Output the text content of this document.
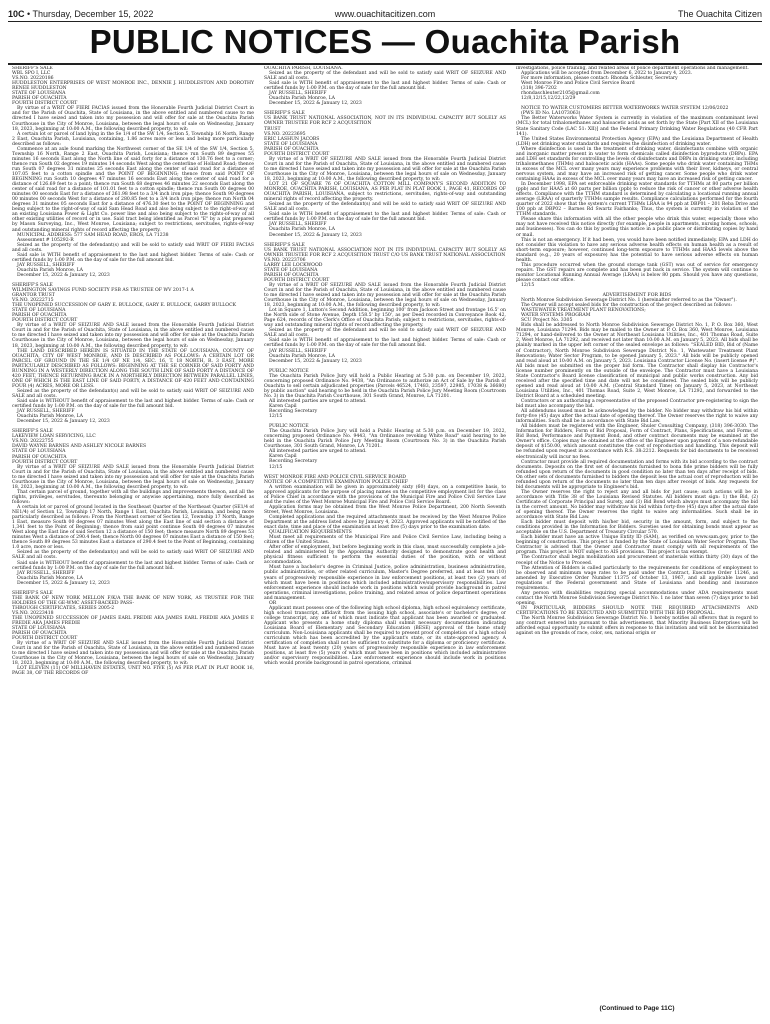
10C • Thursday, December 15, 2022	www.ouachitacitizen.com	The Ouachita Citizen
PUBLIC NOTICES — Ouachita Parish

SHERIFF'S SALE

WBL SPO I, LLC

VS.NO. 20220186

HUDDLESTON ENTERPRISES OF WEST MONROE INC., DENNIE J. HUDDLESTON AND DOROTHY RENEE HUDDLESTON

STATE OF LOUISIANA

PARISH OF OUACHITA

FOURTH DISTRICT COURT

By virtue of a WRIT OF FIERI FACIAS issued from the Honorable Fourth Judicial District Court in and for the Parish of Ouachita, State of Louisiana, in the above entitled and numbered cause to me directed I have seized and taken into my possession and will offer for sale at the Ouachita Parish Courthouse in the City of Monroe, Louisiana, between the legal hours of sale on Wednesday, January 18, 2023, beginning at 10:00 A.M., the following described property, to wit:

A certain lot or parcel of land lying in the Se 1/4 of the SW 1/4, Section 5, Township 16 North, Range 2 East, Ouachita Parish, Louisiana, containing, 1.86 acres more or less and being more particularly described as follows:

Commence at an axle found marking the Northwest corner of the SE 1/4 of the SW 1/4, Section 5, Township 16 North, Range 2 East, Ouachita Parish, Louisiana; thence run South 89 degrees 55 minutes 16 seconds East along the North line of said forty for a distance of 130.76 feet to a corner; thence run South 02 degrees 19 minutes 14 seconds West along the centerline of Holland Road; thence run South 07 degrees 31 minutes 25 seconds East along the center of said road for a distance of 107.05 feet to a cotton spindle and the POINT OF BEGINNING; thence from said POINT OF BEGINNING run South 10 degrees 47 minutes 16 seconds East along the center of said road for a distance of 126.69 feet to a point; thence run South 68 degrees 46 minutes 22 seconds East along the center of said road for a distance of 101.01 feet to a cotton spindle; thence run South 00 degrees 00 minutes 00 seconds East for a distance of 261.98 feet to a 3/4 inch iron pipe; thence South 90 degrees 00 minutes 00 seconds West for a distance of 280.85 feet to a 3/4 inch iron pipe; thence run North 04 degrees 31 minutes 05 seconds East for a distance of 476.30 feet to the POINT OF BEGINNING and being subject to the right-of-way of said Sam Head Road and also being subject to the right-of-way of an existing Louisiana Power & Light Co. power line and also being subject to the rights-of-way of all other existing utilities of record or in use. Said tract being identified as Parcel "E" by a plat prepared by Mason Surveying, Inc., West Monroe, Louisiana; subject to restrictions, servitudes, rights-of-way and outstanding mineral rights of record affecting the property.

MUNICIPAL ADDRESS: 577 SAM HEAD ROAD, EROS, LA 71238

Assessment # 105292-R

Seized as the property of the defendant(s) and will be sold to satisfy said WRIT OF FIERI FACIAS and all costs.

Said sale is WITH benefit of appraisement to the last and highest bidder. Terms of sale: Cash or certified funds by 1:00 P.M. on the day of sale for the full amount bid.

JAY RUSSELL, SHERIFF

Ouachita Parish Monroe, LA

December 15, 2022 & January 12, 2023

SHERIFF'S SALE

WILMINGTON SAVINGS FUND SOCIETY FSB AS TRUSTEE OF WV 2017-1 A

GRANTOR TRUST

VS.NO. 20222715

THE UNOPENED SUCCESSION OF GARY E. BULLOCK, GARY E. BULLOCK, GARRY BULLOCK

STATE OF LOUISIANA

PARISH OF OUACHITA

FOURTH DISTRICT COURT

By virtue of a WRIT OF SEIZURE AND SALE issued from the Honorable Fourth Judicial District Court in and for the Parish of Ouachita, State of Louisiana, in the above entitled and numbered cause to me directed I have seized and taken into my possession and will offer for sale at the Ouachita Parish Courthouse in the City of Monroe, Louisiana, between the legal hours of sale on Wednesday, January 18, 2023, beginning at 10:00 A.M., the following described property, to wit:

THE LAND DESCRIBED HEREIN IS SITUATED IN THE STATE OF LOUISIANA, COUNTY OF OUACHITA, CITY OF WEST MONROE, AND IS DESCRIBED AS FOLLOWS: A CERTAIN LOT OR PARCEL OF GROUND IN THE SE 1/4 OF NE 1/4, SEC. 16, T. 18 NORTH, R. 3 EAST, MORE PARTICULARLY DESCRIBED AS FOLLOWS: BEGINNING AT THE SE CORNER OF SAID FORTY AND RUNNING IN A WESTERLY DIRECTION ALONG THE SOUTH LINE OF SAID FORTY A DISTANCE OF 420 FEET, THENCE RETURNING BACK IN A NORTHERLY DIRECTION BETWEEN PARALLEL LINES, ONE OF WHICH IS THE EAST LINE OF SAID FORTY, A DISTANCE OF 420 FEET AND CONTAINING FOUR (4) ACRES, MORE OR LESS.

Seized as the property of the defendant(s) and will be sold to satisfy said WRIT OF SEIZURE AND SALE and all costs.

Said sale is WITHOUT benefit of appraisement to the last and highest bidder. Terms of sale: Cash or certified funds by 1:00 P.M. on the day of sale for the full amount bid.

JAY RUSSELL, SHERIFF

Ouachita Parish Monroe, LA

December 15, 2022 & January 12, 2023

SHERIFF'S SALE

LAKEVIEW LOAN SERVICING, LLC

VS.NO. 20222755

DAVID WAYNE BARNES AND ASHLEY NICOLE BARNES

STATE OF LOUISIANA

PARISH OF OUACHITA

FOURTH DISTRICT COURT

By virtue of a WRIT OF SEIZURE AND SALE issued from the Honorable Fourth Judicial District Court in and for the Parish of Ouachita, State of Louisiana, in the above entitled and numbered cause to me directed I have seized and taken into my possession and will offer for sale at the Ouachita Parish Courthouse in the City of Monroe, Louisiana, between the legal hours of sale on Wednesday, January 18, 2023, beginning at 10:00 A.M., the following described property, to wit:

That certain parcel of ground, together with all the buildings and improvements thereon, and all the rights, privileges, servitudes, thereunto belonging or anywise appertaining, more fully described as follows:

A certain lot or parcel of ground located in the Southeast Quarter of the Northeast Quarter (SE1/4 of NE1/4) of Section 12, Township 17 North, Range 1 East, Ouachita Parish, Louisiana, and being more particularly described as follows: From the Northeast corner of Section 12, Township 17 North, Range 1 East, measure South 00 degrees 07 minutes West along the East line of said section a distance of 1,341 feet to the Point of Beginning; thence from said point continue South 00 degrees 07 minutes West along the East line of said Section 12 a distance of 150 feet; thence measure North 89 degrees 53 minutes West a distance of 290.4 feet; thence North 00 degrees 07 minutes East a distance of 150 feet; thence South 89 degrees 53 minutes East a distance of 290.4 feet to the Point of Beginning, containing 1.0 acre, more or less.

Seized as the property of the defendant(s) and will be sold to satisfy said WRIT OF SEIZURE AND SALE and all costs.

Said sale is WITHOUT benefit of appraisement to the last and highest bidder. Terms of sale: Cash or certified funds by 1:00 P.M. on the day of sale for the full amount bid.

JAY RUSSELL, SHERIFF

Ouachita Parish Monroe, LA

December 15, 2022 & January 12, 2023

SHERIFF'S SALE

THE BANK OF NEW YORK MELLON F/K/A THE BANK OF NEW YORK, AS TRUSTEE FOR THE HOLDERS OF THE GE-WMC ASSET-BACKED PASS-

THROUGH CERTIFICATES, SERIES 2005-2

VS.NO. 20223418

THE UNOPENED SUCCESSION OF JAMES EARL FREDIE AKA JAMES EARL FREDIE AKA JAMES E FREDIE AKA JAMES FREDIE

STATE OF LOUISIANA

PARISH OF OUACHITA

FOURTH DISTRICT COURT

By virtue of a WRIT OF SEIZURE AND SALE issued from the Honorable Fourth Judicial District Court in and for the Parish of Ouachita, State of Louisiana, in the above entitled and numbered cause to me directed I have seized and taken into my possession and will offer for sale at the Ouachita Parish Courthouse in the City of Monroe, Louisiana, between the legal hours of sale on Wednesday, January 18, 2023, beginning at 10:00 A.M., the following described property, to wit:

LOT ELEVEN (11) OF MILLHAVEN ESTATES, UNIT NO. FIVE (5) AS PER PLAT IN PLAT BOOK 16, PAGE 38, OF THE RECORDS OF

OUACHITA PARISH, LOUISIANA.

Seized as the property of the defendant and will be sold to satisfy said WRIT OF SEIZURE AND SALE and all costs.

Said sale is WITH benefit of appraisement to the last and highest bidder. Terms of sale: Cash or certified funds by 1:00 P.M. on the day of sale for the full amount bid.

JAY RUSSELL, SHERIFF

Ouachita Parish Monroe, LA

December 15, 2022 & January 12, 2023

SHERIFF'S SALE

US BANK TRUST NATIONAL ASSOCIATION, NOT IN ITS INDIVIDUAL CAPACITY BUT SOLELY AS OWNER TRUSTEE FOR RCF 2 ACQUISITION

TRUST

VS.NO. 20223695

ERIC LASHUN JACOBS

STATE OF LOUISIANA

PARISH OF OUACHITA

FOURTH DISTRICT COURT

By virtue of a WRIT OF SEIZURE AND SALE issued from the Honorable Fourth Judicial District Court in and for the Parish of Ouachita, State of Louisiana, in the above entitled and numbered cause to me directed I have seized and taken into my possession and will offer for sale at the Ouachita Parish Courthouse in the City of Monroe, Louisiana, between the legal hours of sale on Wednesday, January 18, 2023, beginning at 10:00 A.M., the following described property, to wit:

LOT 21 OF SQUARE 76 OF OUACHITA COTTON MILL COMPANY'S SECOND ADDITION TO MONROE, OUACHITA PARISH, LOUISIANA, AS PER PLAT IN PLAT BOOK 1, PAGE 41, RECORDS OF OUACHITA PARISH, LOUISIANA, subject to restrictions, servitudes, rights-of-way and outstanding mineral rights of record affecting the property.

Seized as the property of the defendant(s) and will be sold to satisfy said WRIT OF SEIZURE AND SALE and all costs.

Said sale is WITH benefit of appraisement to the last and highest bidder. Terms of sale: Cash or certified funds by 1:00 P.M. on the day of sale for the full amount bid.

JAY RUSSELL, SHERIFF

Ouachita Parish Monroe, LA

December 15, 2022 & January 12, 2023

SHERIFF'S SALE

US BANK TRUST NATIONAL ASSOCIATION NOT IN ITS INDIVIDUAL CAPACITY BUT SOLELY AS OWNER TRUSTEE FOR RCF 2 ACQUISITION TRUST C/O US BANK TRUST NATIONAL ASSOCIATION

VS.NO. 20223706

LARRY LEE LOCKWOOD

STATE OF LOUISIANA

PARISH OF OUACHITA

FOURTH DISTRICT COURT

By virtue of a WRIT OF SEIZURE AND SALE issued from the Honorable Fourth Judicial District Court in and for the Parish of Ouachita, State of Louisiana, in the above entitled and numbered cause to me directed I have seized and taken into my possession and will offer for sale at the Ouachita Parish Courthouse in the City of Monroe, Louisiana, between the legal hours of sale on Wednesday, January 18, 2023, beginning at 10:00 A.M., the following described property, to wit:

Lot in Square 1, Lutton's Second Addition, beginning 100' from Jackson Street and frontage 16.5' on the North side of Stone Avenue, Depth 158.5' by 150', as per Deed recorded in Conveyance Book 42, Page 624, records of the Clerk's Office of Ouachita Parish; subject to restrictions, servitudes, rights-of-way and outstanding mineral rights of record affecting the property.

Seized as the property of the defendant and will be sold to satisfy said WRIT OF SEIZURE AND SALE and all costs.

Said sale is WITH benefit of appraisement to the last and highest bidder. Terms of sale: Cash or certified funds by 1:00 P.M. on the day of sale for the full amount bid.

JAY RUSSELL, SHERIFF

Ouachita Parish Monroe, LA

December 15, 2022 & January 12, 2023

PUBLIC NOTICE

The Ouachita Parish Police Jury will hold a Public Hearing at 5:30 p.m. on December 19, 2022, concerning proposed Ordinance No. 9438, "An Ordinance to authorize an Act of Sale by the Parish of Ouachita to sell certain adjudicated properties (Parcels 46524, 17483, 23597, 22985, 17038 & 36680) by public auction" said hearing to be held in the Ouachita Parish Police Jury Meeting Room (Courtroom No. 3) in the Ouachita Parish Courthouse, 301 South Grand, Monroe, LA 71201.

All interested parties are urged to attend.

Karen Capil

Recording Secretary

12/15

PUBLIC NOTICE

The Ouachita Parish Police Jury will hold a Public Hearing at 5:30 p.m. on December 19, 2022, concerning proposed Ordinance No. 9443, "An Ordinance revoking White Road" said hearing to be held in the Ouachita Parish Police Jury Meeting Room (Courtroom No. 3) in the Ouachita Parish Courthouse, 301 South Grand, Monroe, LA 71201.

All interested parties are urged to attend.

Karen Capil

Recording Secretary

12/15

WEST MONROE FIRE AND POLICE CIVIL SERVICE BOARD

NOTICE OF A COMPETITIVE EXAMINATION POLICE CHIEF

A written examination will be given in approximately sixty (60) days, on a competitive basis, to approved applicants for the purpose of placing names on the competitive employment list for the class of Police Chief in accordance with the provisions of the Municipal Fire and Police Civil Service Law and the rules of the West Monroe Municipal Fire and Police Civil Service Board.

Application forms may be obtained from the West Monroe Police Department, 200 North Seventh Street, West Monroe, Louisiana.

Completed applications and the required attachments must be received by the West Monroe Police Department at the address listed above by January 4, 2023. Approved applicants will be notified of the exact date, time and place of the examination at least five (5) days prior to the examination date.

QUALIFICATION REQUIREMENTS

Must meet all requirements of the Municipal Fire and Police Civil Service Law, including being a citizen of the United States.

After offer of employment, but before beginning work in this class, must successfully complete a job-related and administered by the Appointing Authority designed to demonstrate good health and physical fitness sufficient to perform the essential duties of the position, with or without accommodation.

Must have a bachelor's degree in Criminal Justice, police administration, business administration, public administration, or other related curriculum, Master's Degree preferred, and at least ten (10) years of progressively responsible experience in law enforcement positions, at least two (2) years of which must have been in positions which included administrative/supervisory responsibilities. Law enforcement experience should include work in positions which would provide background in patrol operations, criminal investigations, police training, and related areas of police department operations and management.

OR

Applicant must possess one of the following high school diploma, high school equivalency certificate, high school transcript, affidavit from the issuing high school, associate's or bachelor's degree, or college transcript, any one of which must indicate that applicant has been awarded or graduated. Applicant who presents a home study diploma shall submit necessary documentation indicating Louisiana Board of Elementary and Secondary Education (BESE) approval of the home study curriculum. Non-Louisiana applicants shall be required to present proof of completion of a high school curriculum which has been accredited by the applicant's state, or its state-approved agency. A certification of completion shall not be sufficient to substitute for a diploma or proficiency certificate. Must have at least twenty (20) years of progressively responsible experience in law enforcement positions, at least five (5) years of which must have been in positions which included administrative and/or supervisory responsibilities. Law enforcement experience should include work in positions which would provide background in patrol operations, criminal

investigations, police training, and related areas of police department operations and management.

Applications will be accepted from December 6, 2022 to January 4, 2023.

For more information, please contact: Rhonda Schleuter, Secretary

West Monroe Fire and Police Civil Service Board

(318) 396-7202

rhondaschleuter2105@gmail.com

12/8,12/15,12/22,12/29

NOTICE TO WATER CUSTOMERS BETTER WATERWORKS WATER SYSTEM 12/06/2022

(PWS ID No. LA1073063)

The Better Waterworks Water System is currently in violation of the maximum contaminant level (MCL) for total trihalomethanes and haloacetic acids as set forth by the State [Part XII of the Louisiana State Sanitary Code (LAC 51: XII)] and the Federal Primary Drinking Water Regulations (40 CFR Part 141).

The United States Environmental Protection Agency (EPA) and the Louisiana Department of Health (LDH) set drinking water standards and requires the disinfection of drinking water.

Where disinfection is used in the treatment of drinking water, disinfectants combine with organic and inorganic matter present in water to form chemicals called disinfection byproducts (DBPs). EPA and LDH set standards for controlling the levels of disinfectants and DBPs in drinking water, including trihalomethanes (THMs) and haloacetic acids (HAAs). Some people who drink water containing THMs in excess of the MCL over many years may experience problems with their liver, kidneys, or central nervous system, and may have an increased risk of getting cancer. Some people who drink water containing HAAs in excess of the MCL over many years may have an increased risk of getting cancer.

In December 1998, EPA set enforceable drinking water standards for TTHMs at 80 parts per billion (ppb) and for HAA5 at 60 parts per billion (ppb) to reduce the risk of cancer or other adverse health effects. Compliance with the TTHM standard is determined by calculating a locational running annual average (LRAA) of quarterly TTHMs sample results. Compliance calculations performed for the fourth quarter of 2022 show that the system's current TTHMs LRAA is 94 ppb at DBP01 – 201 Reba Drive and 100 ppb at DBP02 – Barnes Rd Swartz Fairbanks; Thus, the system is currently in violation of the TTHM standards.

Please share this information with all the other people who drink this water, especially those who may not have received this notice directly (for example, people in apartments, nursing homes, schools, and businesses). You can do this by posting this notice in a public place or distributing copies by hand or mail.

This is not an emergency. If it had been, you would have been notified immediately. EPA and LDH do not consider this violation to have any serious adverse health effects on human health as a result of short-term exposure; however, continued long-term exposure to TTHMs and HAA5 levels above the standard (e.g., 20 years of exposure) has the potential to have serious adverse effects on human health.

This procedure occurred when the ground storage tank (GST) was out of service for emergency repairs. The GST repairs are complete and has been put back in service. The system will continue to monitor Locational Running Annual Average (LRAA) is below 80 ppm. Should you have any questions, please contact our office.

12/15

ADVERTISEMENT FOR BIDS

North Monroe Subdivision Sewerage District No. 1 (hereinafter referred to as the "Owner").

The Owner will accept sealed bids for the construction of the project described as follows:

WASTEWATER TREATMENT PLANT RENOVATIONS;

WATER SYSTEMS PROGRAM

SCU Project No. 3305

Bids shall be addressed to North Monroe Subdivision Sewerage District No. 1, P. O. Box 360, West Monroe, Louisiana 71294. Bids may be mailed to the Owner at P. O. Box 360, West Monroe, Louisiana 71294, or hand-delivered to the Owner at Northeast Louisiana Utilities, Inc., 401 Thomas Road, Suite 2, West Monroe, LA 71292, and received not later than 10:00 A.M. on January 5, 2023. All bids shall be plainly marked in the upper left corner of the sealed envelope as follows: "SEALED BID, Bid of (Name of Contractor), North Monroe Subdivision Sewerage District No. 1, Wastewater Treatment Plant Renovations; Water Sector Program, to be opened January 5, 2023." All bids will be publicly opened and read aloud at 10:00 A.M. on January 5, 2023. Louisiana Contractor License No. (insert license #)". All bids must be submitted on the proper bid form. The Contractor shall display his Contractor's license number prominently on the outside of the envelope. The Contractor must have a Louisiana State Contractor's Board license classification of municipal and public works construction. Any bid received after the specified time and date will not be considered. The sealed bids will be publicly opened and read aloud at 10:00 A.M. (Central Standard Time) on January 5, 2023, at Northeast Louisiana Utilities, Inc., 401 Thomas Road, Suite 2, West Monroe, LA 71292, and forwarded to the District Board at a scheduled meeting.

Contractors or an authorizing a representative of the proposed Contractor pre-registering to sign the bid must also accompany the bid.

All addendums issued must be acknowledged by the bidder. No bidder may withdraw his bid within forty-five (45) days after the actual date of opening thereof. The Owner reserves the right to waive any informalities. Such shall be in accordance with State Bid Law.

All bidders must be registered with the Engineer, Shuler Consulting Company, (318) 396-3030. The Information for Bidders, Form of Bid Proposal, Form of Contract, Plans, Specifications, and Forms of Bid Bond, Performance and Payment Bond, and other contract documents may be examined at the Owner's office. Copies may be obtained at the office of the Engineer upon payment of a non-refundable deposit of $150.00, which amount constitutes the cost of reproduction and handling. This deposit will be refunded upon request in accordance with R.S. 38:2212. Requests for bid documents to be received electronically will incur no fees.

Contractor must provide all required documentation and forms with its bid according to the contract documents. Deposits on the first set of documents furnished to bona fide prime bidders will be fully refunded upon return of the documents in good condition no later than ten days after receipt of bids. On other sets of documents furnished to bidders the deposit less the actual cost of reproduction will be refunded upon return of the documents no later than ten days after receipt of bids. Any requests for bid documents will be appropriate to Engineer's bid.

The Owner reserves the right to reject any and all bids for just cause; such actions will be in accordance with Title 38 of the Louisiana Revised Statutes. All bidders must sign: 1) the Bid, (2) Certificate of Corporate Principal and Surety, and (3) Bid Bond which always must accompany the bid in the correct amount. No bidder may withdraw his bid within forty-five (45) days after the actual date of opening thereof. The Owner reserves the right to waive any informalities. Such shall be in accordance with State Bid Law.

Each bidder must deposit with his/her bid, security in the amount, form, and subject to the conditions provided in the Information for Bidders. Sureties used for obtaining bonds must appear as acceptable on the U.S. Department of Treasury Circular 570.

Each bidder must have an active Unique Entity ID (SAM), as verified on www.sam.gov, prior to the beginning of construction. This project is funded by the State of Louisiana Water Sector Program. The Contractor is advised that the Owner and Contractor must comply with all requirements of the program. This project is NOT subject to AIS provisions. This project is tax exempt.

The Contractor shall begin mobilization and procurement of materials within thirty (30) days of the receipt of the Notice to Proceed.

The Attention of Bidders is called particularly to the requirements for conditions of employment to be observed and minimum wage rates to be paid under the Contract, Executive Order 11246, as amended by Executive Order Number 11375 of October 13, 1967, and all applicable laws and regulations of the Federal government and State of Louisiana and bonding and insurance requirements.

Any person with disabilities requiring special accommodations under ADA requirements must contact the North Monroe Subdivision Sewerage District No. 1 no later than seven (7) days prior to bid opening.

IN PARTICULAR, BIDDERS SHOULD NOTE THE REQUIRED ATTACHMENTS AND CERTIFICATIONS TO BE EXECUTED AND SUBMITTED WITH THE BID PROPOSAL.

The North Monroe Subdivision Sewerage District No. 1 hereby notifies all offerors that in regard to any contract entered into pursuant to this advertisement, that Minority Business Enterprises will be afforded equal opportunity to submit offers in response to this invitation and will not be discriminated against on the grounds of race, color, sex, national origin or

(Continued to Page 11C)
